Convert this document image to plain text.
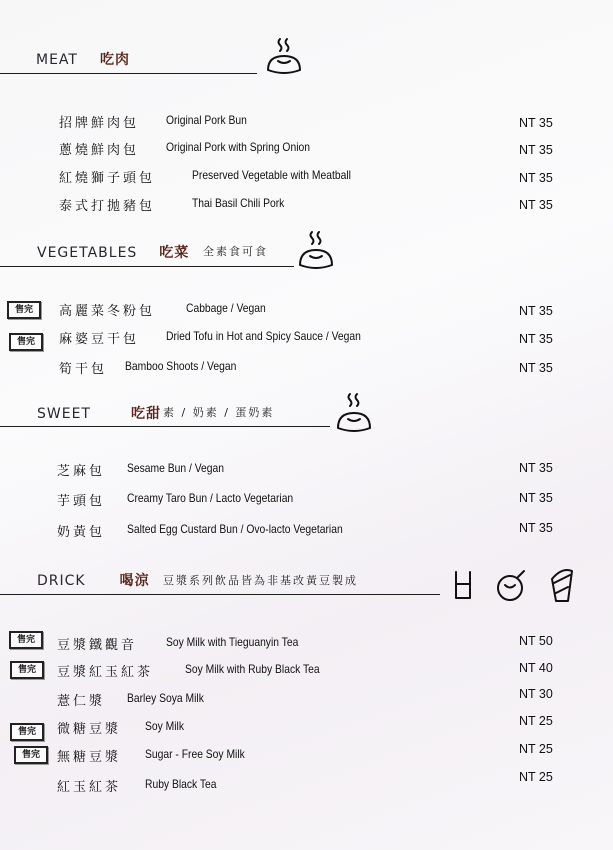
MEAT 吃肉
招牌鮮肉包 Original Pork Bun	NT 35
蔥燒鮮肉包 Original Pork with Spring Onion	NT 35
紅燒獅子頭包	Preserved Vegetable with Meatball	NT 35
泰式打拋豬包	Thai Basil Chili Pork	NT 35
VEGETABLES 吃菜 全素食可食
售完	高麗菜冬粉包	Cabbage / Vegan	NT 35
售完	麻婆豆干包 Dried Tofu in Hot and Spicy Sauce / Vegan	NT 35
筍干包 Bamboo Shoots / Vegan	NT 35
SWEET	吃甜 素 / 奶素 / 蛋奶素
芝麻包 Sesame Bun / Vegan	NT 35
芋頭包 Creamy Taro Bun / Lacto Vegetarian	NT 35
奶黃包 Salted Egg Custard Bun / Ovo-lacto Vegetarian	NT 35
DRICK 喝涼 豆漿系列飲品皆為非基改黃豆製成
售完	豆漿鐵觀音 Soy Milk with Tieguanyin Tea	NT 50
售完	豆漿紅玉紅茶	Soy Milk with Ruby Black Tea	NT 40
薏仁漿 Barley Soya Milk	NT 30
售完	微糖豆漿 Soy Milk	NT 25
售完	無糖豆漿 Sugar - Free Soy Milk	NT 25
紅玉紅茶 Ruby Black Tea	NT 25
